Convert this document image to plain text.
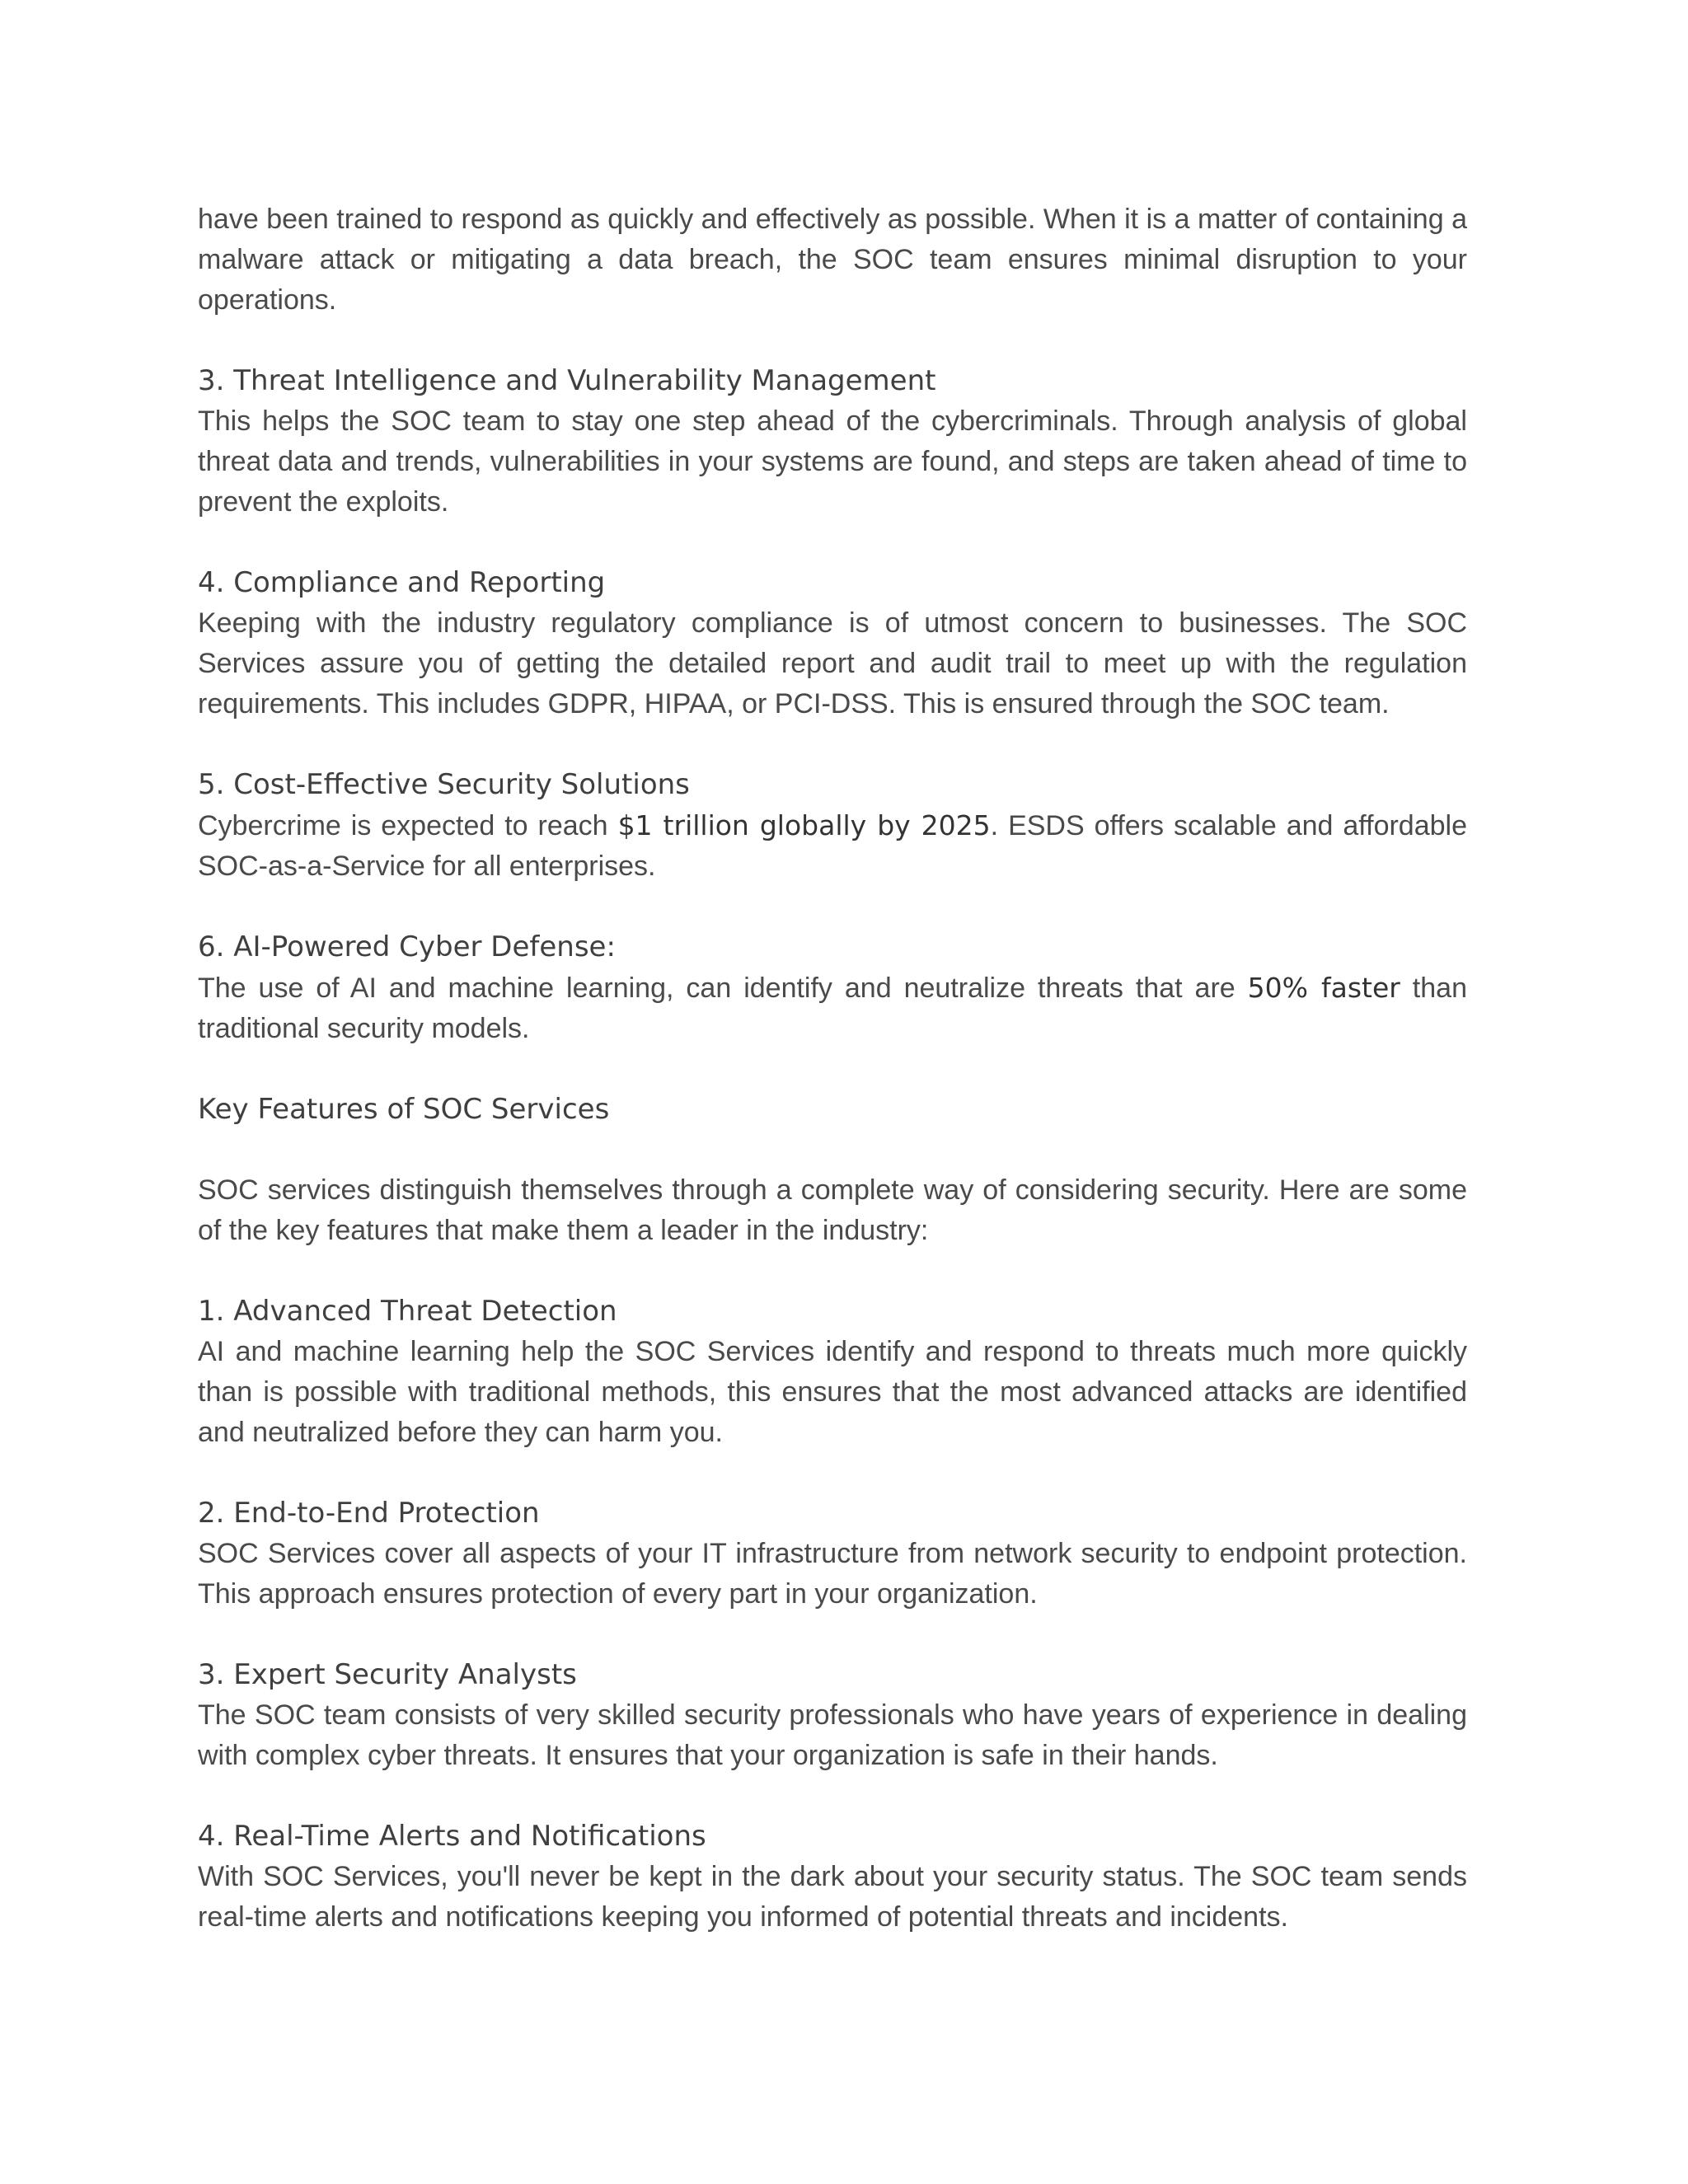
have been trained to respond as quickly and effectively as possible. When it is a matter of containing a malware attack or mitigating a data breach, the SOC team ensures minimal disruption to your operations.

3. Threat Intelligence and Vulnerability Management

This helps the SOC team to stay one step ahead of the cybercriminals. Through analysis of global threat data and trends, vulnerabilities in your systems are found, and steps are taken ahead of time to prevent the exploits.

4. Compliance and Reporting

Keeping with the industry regulatory compliance is of utmost concern to businesses. The SOC Services assure you of getting the detailed report and audit trail to meet up with the regulation requirements. This includes GDPR, HIPAA, or PCI-DSS. This is ensured through the SOC team.

5. Cost-Effective Security Solutions

Cybercrime is expected to reach $1 trillion globally by 2025. ESDS offers scalable and affordable SOC-as-a-Service for all enterprises.

6. AI-Powered Cyber Defense:

The use of AI and machine learning, can identify and neutralize threats that are 50% faster than traditional security models.

Key Features of SOC Services

SOC services distinguish themselves through a complete way of considering security. Here are some of the key features that make them a leader in the industry:

1. Advanced Threat Detection

AI and machine learning help the SOC Services identify and respond to threats much more quickly than is possible with traditional methods, this ensures that the most advanced attacks are identified and neutralized before they can harm you.

2. End-to-End Protection

SOC Services cover all aspects of your IT infrastructure from network security to endpoint protection. This approach ensures protection of every part in your organization.

3. Expert Security Analysts

The SOC team consists of very skilled security professionals who have years of experience in dealing with complex cyber threats. It ensures that your organization is safe in their hands.

4. Real-Time Alerts and Notifications

With SOC Services, you'll never be kept in the dark about your security status. The SOC team sends real-time alerts and notifications keeping you informed of potential threats and incidents.
